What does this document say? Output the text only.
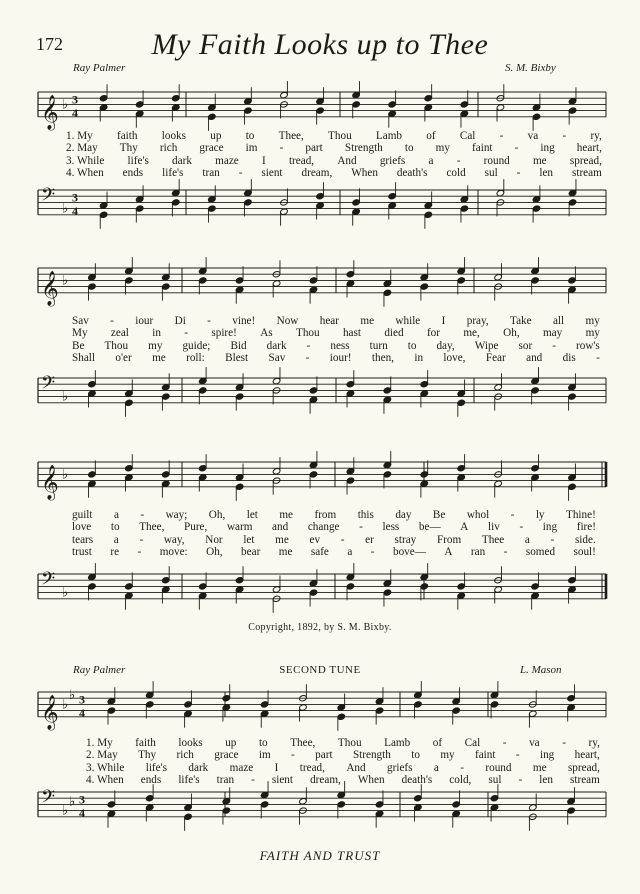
172	My Faith Looks up to Thee
Ray Palmer	S. M. Bixby
𝄞 ♭ 3
4
1. My faith looks up to Thee, Thou Lamb of Cal - va - ry,
2. May Thy rich grace im - part Strength to my faint - ing heart,
3. While life's dark maze I tread, And griefs a - round me spread,
4. When ends life's tran - sient dream, When death's cold sul - len stream
𝄢 ♭
3
4
𝄞 ♭
Sav - iour Di - vine! Now hear me while I pray, Take all my
My zeal in - spire! As Thou hast died for me, Oh, may my
Be Thou my guide; Bid dark - ness turn to day, Wipe sor - row's
Shall o'er me roll: Blest Sav - iour! then, in love, Fear and dis -
𝄢 ♭
𝄞 ♭
guilt a - way; Oh, let me from this day Be whol - ly Thine!
love to Thee, Pure, warm and change - less be— A liv - ing fire!
tears a - way, Nor let me ev - er stray From Thee a - side.
trust re - move: Oh, bear me safe a - bove— A ran - somed soul!
𝄢 ♭
Copyright, 1892, by S. M. Bixby.
Ray Palmer	SECOND TUNE	L. Mason
𝄞 ♭
♭ 3
4
1. My faith looks up to Thee, Thou Lamb of Cal - va - ry,
2. May Thy rich grace im - part Strength to my faint - ing heart,
3. While life's dark maze I tread, And griefs a - round me spread,
4. When ends life's tran - sient dream, When death's cold, sul - len stream
𝄢 ♭
♭ 3
4
FAITH AND TRUST
